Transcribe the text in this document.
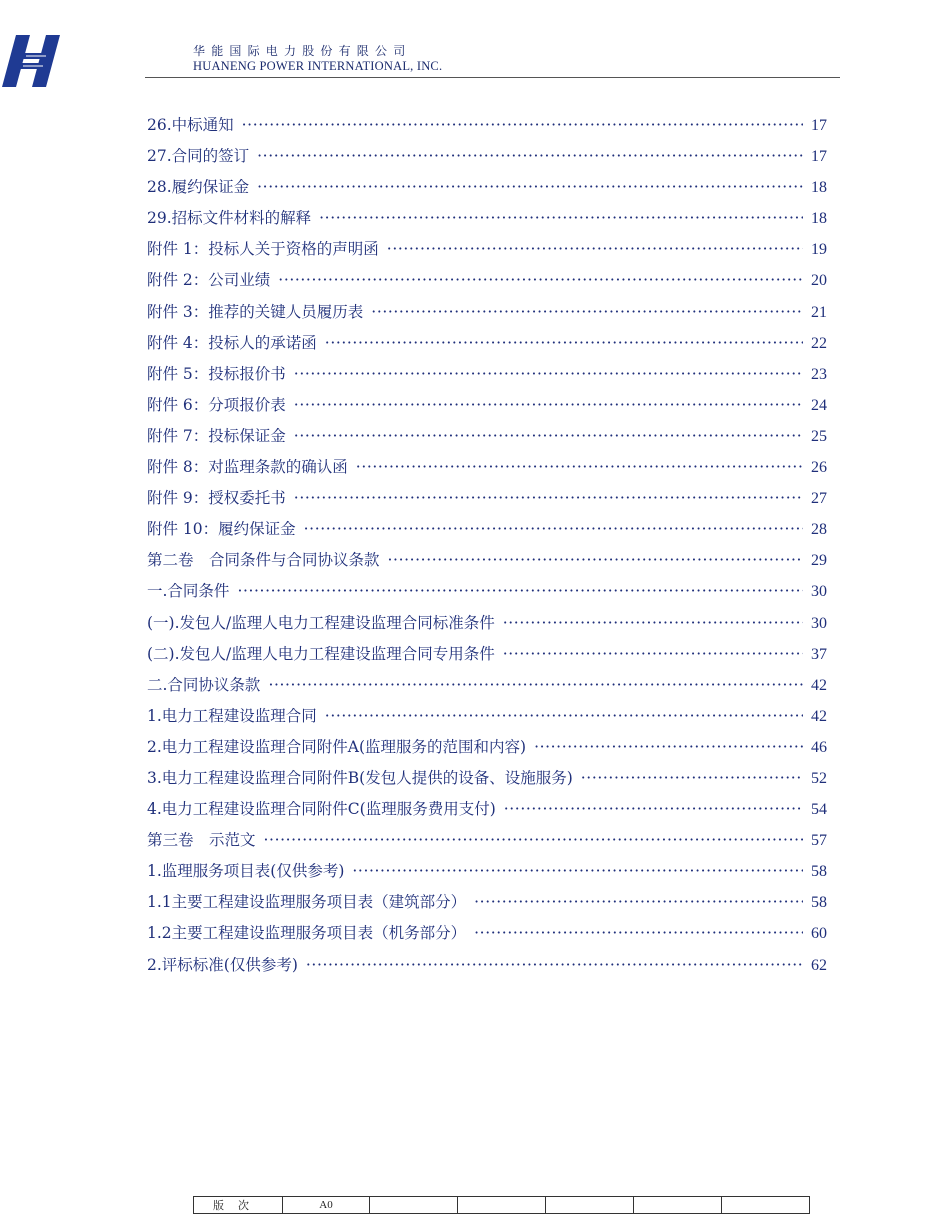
华能国际电力股份有限公司
HUANENG POWER INTERNATIONAL, INC.
26.中标通知 ·····	17
27.合同的签订 ·····	17
28.履约保证金 ·····	18
29.招标文件材料的解释 ·····	18
附件 1：投标人关于资格的声明函 ·····	19
附件 2：公司业绩 ·····	20
附件 3：推荐的关键人员履历表 ·····	21
附件 4：投标人的承诺函 ·····	22
附件 5：投标报价书 ·····	23
附件 6：分项报价表 ·····	24
附件 7：投标保证金 ·····	25
附件 8：对监理条款的确认函 ·····	26
附件 9：授权委托书 ·····	27
附件 10：履约保证金 ·····	28
第二卷　合同条件与合同协议条款 ·····	29
一.合同条件 ·····	30
(一).发包人/监理人电力工程建设监理合同标准条件 ·····	30
(二).发包人/监理人电力工程建设监理合同专用条件 ·····	37
二.合同协议条款 ·····	42
1.电力工程建设监理合同 ·····	42
2.电力工程建设监理合同附件A(监理服务的范围和内容) ·····	46
3.电力工程建设监理合同附件B(发包人提供的设备、设施服务) ·····	52
4.电力工程建设监理合同附件C(监理服务费用支付) ·····	54
第三卷　示范文 ·····	57
1.监理服务项目表(仅供参考) ·····	58
1.1主要工程建设监理服务项目表（建筑部分） ·····	58
1.2主要工程建设监理服务项目表（机务部分） ·····	60
2.评标标准(仅供参考) ·····	62
版次	A0					
